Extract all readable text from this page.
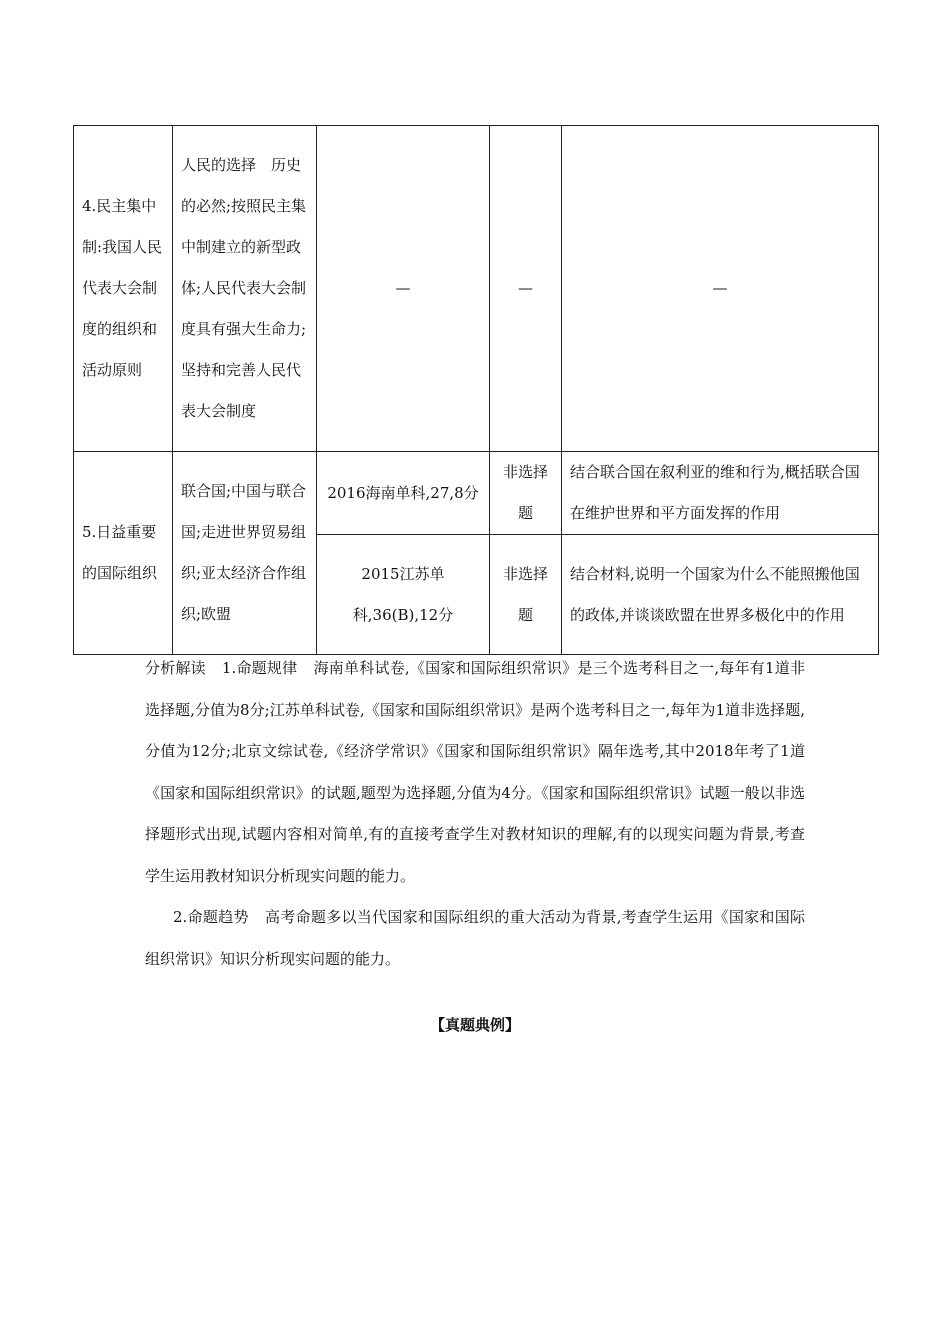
4.民主集中制:我国人民代表大会制度的组织和活动原则	人民的选择　历史的必然;按照民主集中制建立的新型政体;人民代表大会制度具有强大生命力;坚持和完善人民代表大会制度	—	—	—

5.日益重要的国际组织	联合国;中国与联合国;走进世界贸易组织;亚太经济合作组织;欧盟	2016海南单科,27,8分	非选择题	结合联合国在叙利亚的维和行为,概括联合国在维护世界和平方面发挥的作用
		2015江苏单科,36(B),12分	非选择题	结合材料,说明一个国家为什么不能照搬他国的政体,并谈谈欧盟在世界多极化中的作用

分析解读 1.命题规律 海南单科试卷,《国家和国际组织常识》是三个选考科目之一,每年有1道非选择题,分值为8分;江苏单科试卷,《国家和国际组织常识》是两个选考科目之一,每年为1道非选择题,分值为12分;北京文综试卷,《经济学常识》《国家和国际组织常识》隔年选考,其中2018年考了1道《国家和国际组织常识》的试题,题型为选择题,分值为4分。《国家和国际组织常识》试题一般以非选择题形式出现,试题内容相对简单,有的直接考查学生对教材知识的理解,有的以现实问题为背景,考查学生运用教材知识分析现实问题的能力。

2.命题趋势 高考命题多以当代国家和国际组织的重大活动为背景,考查学生运用《国家和国际组织常识》知识分析现实问题的能力。

【真题典例】
